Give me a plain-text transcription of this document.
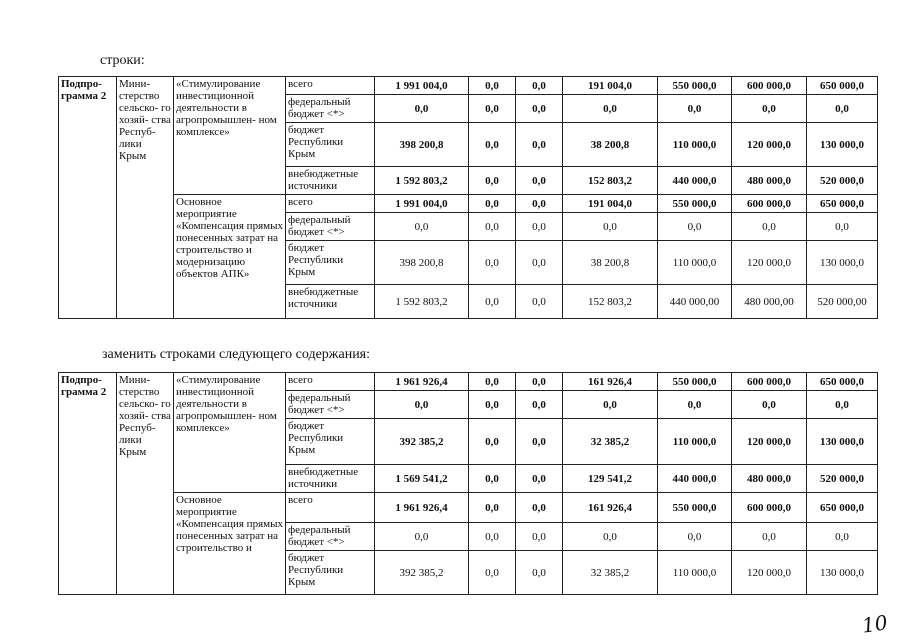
строки:
Подпро- грамма 2	Мини- стерство сельско- го хозяй- ства Респуб- лики Крым	«Стимулирование инвестиционной деятельности в агропромышлен- ном комплексе»	всего	1 991 004,0	0,0	0,0	191 004,0	550 000,0	600 000,0	650 000,0
			федеральный бюджет <*>	0,0	0,0	0,0	0,0	0,0	0,0	0,0
			бюджет Республики Крым	398 200,8	0,0	0,0	38 200,8	110 000,0	120 000,0	130 000,0
			внебюджетные источники	1 592 803,2	0,0	0,0	152 803,2	440 000,0	480 000,0	520 000,0
		Основное мероприятие «Компенсация прямых понесенных затрат на строительство и модернизацию объектов АПК»	всего	1 991 004,0	0,0	0,0	191 004,0	550 000,0	600 000,0	650 000,0
			федеральный бюджет <*>	0,0	0,0	0,0	0,0	0,0	0,0	0,0
			бюджет Республики Крым	398 200,8	0,0	0,0	38 200,8	110 000,0	120 000,0	130 000,0
			внебюджетные источники	1 592 803,2	0,0	0,0	152 803,2	440 000,00	480 000,00	520 000,00
заменить строками следующего содержания:
Подпро- грамма 2	Мини- стерство сельско- го хозяй- ства Респуб- лики Крым	«Стимулирование инвестиционной деятельности в агропромышлен- ном комплексе»	всего	1 961 926,4	0,0	0,0	161 926,4	550 000,0	600 000,0	650 000,0
			федеральный бюджет <*>	0,0	0,0	0,0	0,0	0,0	0,0	0,0
			бюджет Республики Крым	392 385,2	0,0	0,0	32 385,2	110 000,0	120 000,0	130 000,0
			внебюджетные источники	1 569 541,2	0,0	0,0	129 541,2	440 000,0	480 000,0	520 000,0
		Основное мероприятие «Компенсация прямых понесенных затрат на строительство и	всего	1 961 926,4	0,0	0,0	161 926,4	550 000,0	600 000,0	650 000,0
			федеральный бюджет <*>	0,0	0,0	0,0	0,0	0,0	0,0	0,0
			бюджет Республики Крым	392 385,2	0,0	0,0	32 385,2	110 000,0	120 000,0	130 000,0
10
